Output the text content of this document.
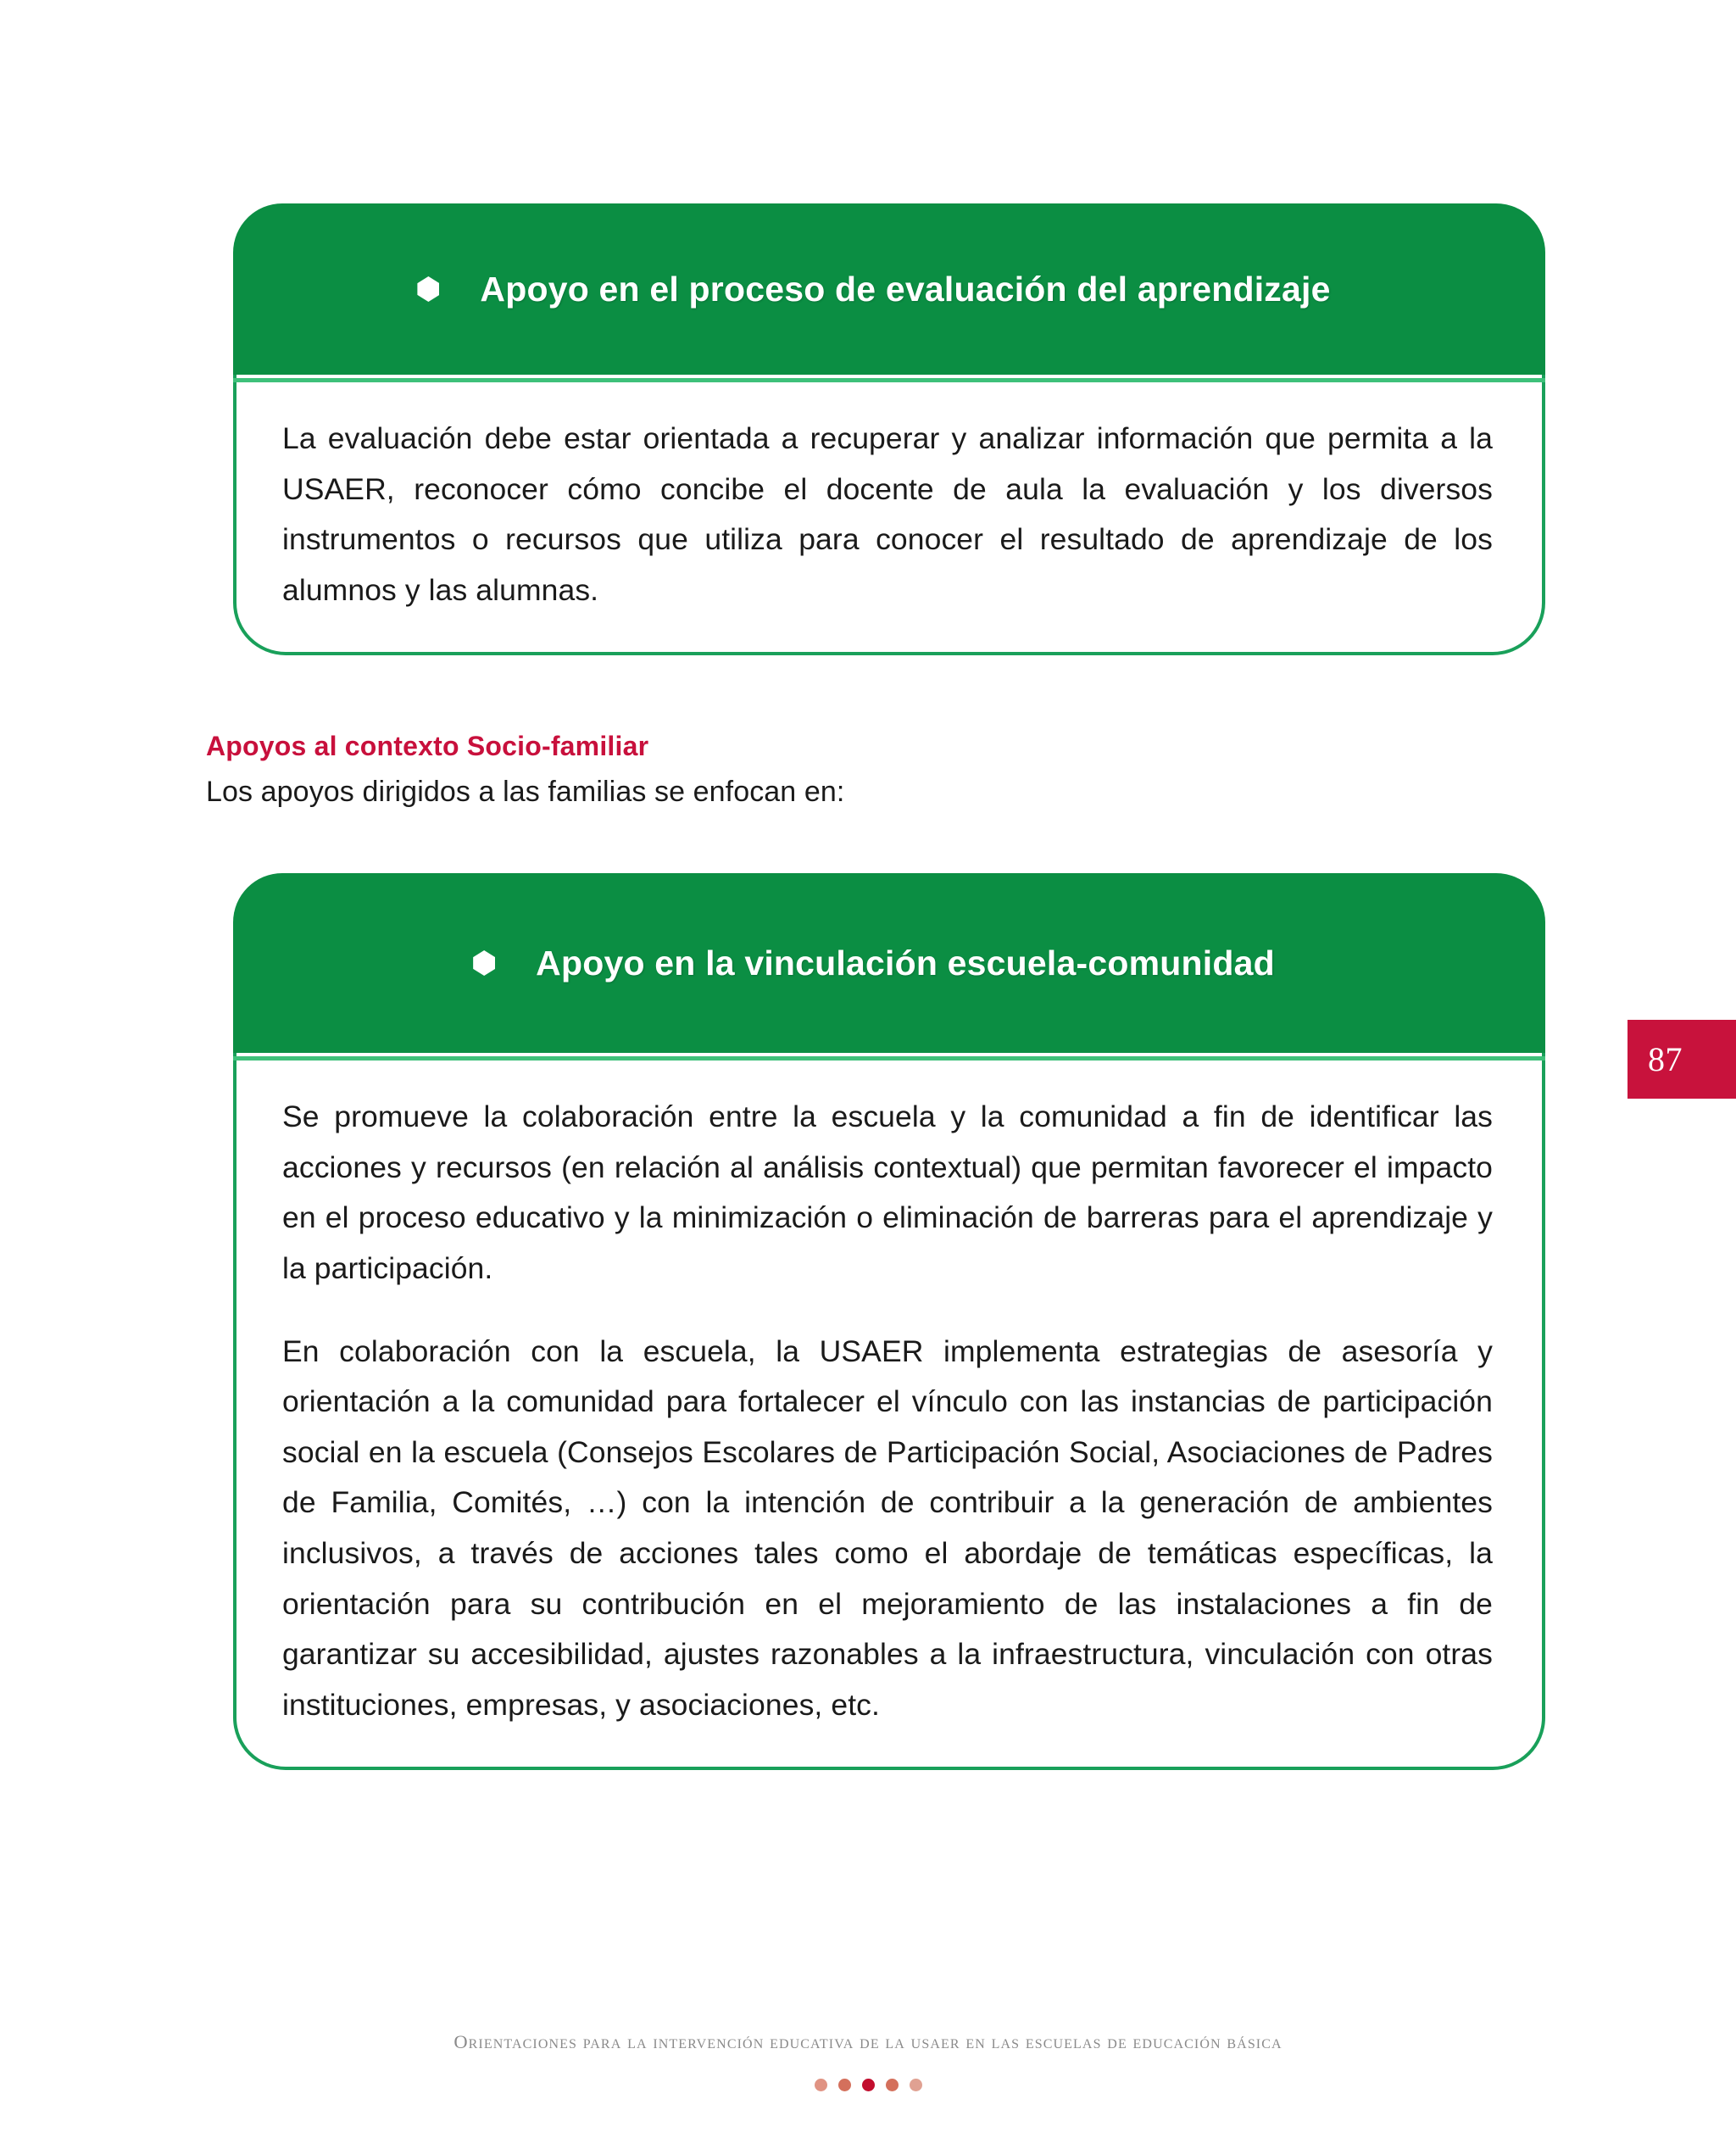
Apoyo en el proceso de evaluación del aprendizaje

La evaluación debe estar orientada a recuperar y analizar información que permita a la USAER, reconocer cómo concibe el docente de aula la evaluación y los diversos instrumentos o recursos que utiliza para conocer el resultado de aprendizaje de los alumnos y las alumnas.

Apoyos al contexto Socio-familiar
Los apoyos dirigidos a las familias se enfocan en:
Apoyo en la vinculación escuela-comunidad

Se promueve la colaboración entre la escuela y la comunidad a fin de identificar las acciones y recursos (en relación al análisis contextual) que permitan favorecer el impacto en el proceso educativo y la minimización o eliminación de barreras para el aprendizaje y la participación.

En colaboración con la escuela, la USAER implementa estrategias de asesoría y orientación a la comunidad para fortalecer el vínculo con las instancias de participación social en la escuela (Consejos Escolares de Participación Social, Asociaciones de Padres de Familia, Comités, …) con la intención de contribuir a la generación de ambientes inclusivos, a través de acciones tales como el abordaje de temáticas específicas, la orientación para su contribución en el mejoramiento de las instalaciones a fin de garantizar su accesibilidad, ajustes razonables a la infraestructura, vinculación con otras instituciones, empresas, y asociaciones, etc.

87
Orientaciones para la intervención educativa de la usaer en las escuelas de educación básica
